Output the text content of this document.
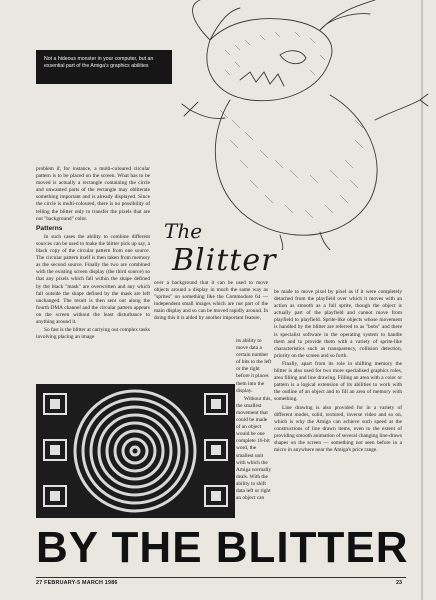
Not a hideous monster in your computer, but an essential part of the Amiga's graphics abilities
The
Blitter

problem if, for instance, a multi-coloured circular pattern is to be placed on the screen. What has to be moved is actually a rectangle containing the circle and unwanted parts of the rectangle may obliterate something important and is already displayed. Since the circle is multi-coloured, there is no possibility of telling the blitter only to transfer the pixels that are not "background" color.

Patterns

In such cases the ability to combine different sources can be used to make the blitter pick up say, a black copy of the circular pattern from one source. The circular pattern itself is then taken from memory as the second source. Finally the two are combined with the existing screen display (the third source) so that any pixels which fall within the shape defined by the black "mask" are overwritten and any which fall outside the shape defined by the mask are left unchanged. The result is then sent out along the fourth DMA channel and the circular pattern appears on the screen without the least disturbance to anything around it.

So fast is the blitter at carrying out complex tasks involving placing an image

over a background that it can be used to move objects around a display in much the same way as "sprites" on something like the Commodore 64 — independent small images which are not part of the main display and so can be moved rapidly around. In doing this it is aided by another important feature,

its ability to move data a certain number of bits to the left or the right before it places them into the display.

Without this, the smallest movement that could be made of an object would be one complete 16-bit word, the smallest unit with which the Amiga normally deals. With the ability to shift data left or right an object can

be made to move pixel by pixel as if it were completely detached from the playfield over which it moves with an action as smooth as a full sprite, though the object is actually part of the playfield and cannot move from playfield to playfield. Sprite-like objects whose movement is handled by the blitter are referred to as "bobs" and there is specialist software in the operating system to handle them and to provide them with a variety of sprite-like characteristics such as transparency, collision detection, priority on the screen and so forth.

Finally, apart from its role in shifting memory the blitter is also used for two more specialised graphics roles, area filling and line drawing. Filling an area with a color or pattern is a logical extension of its abilities to work with the outline of an object and to fill an area of memory with something.

Line drawing is also provided for in a variety of different modes, solid, textured, inverse video and so on, which is why the Amiga can achieve such speed at the constructions of line drawn items, even to the extent of providing smooth animation of several changing line-draws shapes on the screen — something not seen before in a micro in anywhere near the Amiga's price range.

BY THE BLITTER
27 FEBRUARY-5 MARCH 1986	23
